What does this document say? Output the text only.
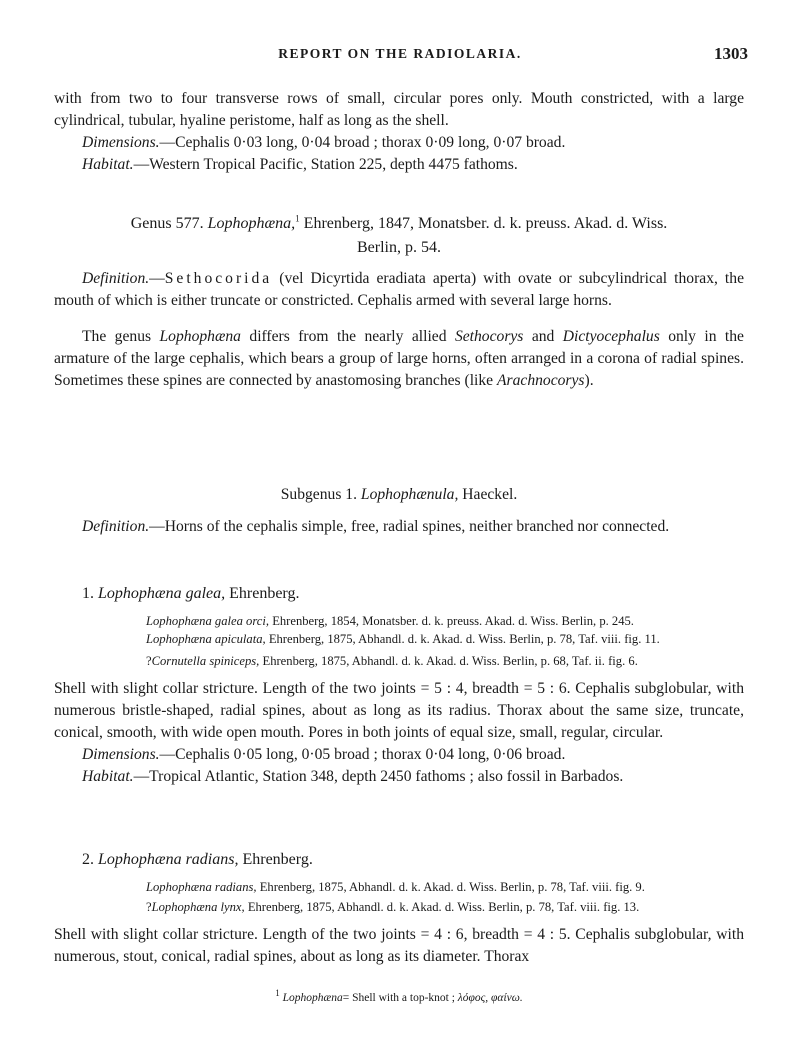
REPORT ON THE RADIOLARIA.	1303

with from two to four transverse rows of small, circular pores only. Mouth constricted, with a large cylindrical, tubular, hyaline peristome, half as long as the shell.

Dimensions.—Cephalis 0·03 long, 0·04 broad ; thorax 0·09 long, 0·07 broad.

Habitat.—Western Tropical Pacific, Station 225, depth 4475 fathoms.

Genus 577. Lophophæna,$^1$ Ehrenberg, 1847, Monatsber. d. k. preuss. Akad. d. Wiss.
Berlin, p. 54.

Definition.—Sethocorida (vel Dicyrtida eradiata aperta) with ovate or subcylindrical thorax, the mouth of which is either truncate or constricted. Cephalis armed with several large horns.

The genus Lophophæna differs from the nearly allied Sethocorys and Dictyocephalus only in the armature of the large cephalis, which bears a group of large horns, often arranged in a corona of radial spines. Sometimes these spines are connected by anastomosing branches (like Arachnocorys).

Subgenus 1. Lophophænula, Haeckel.

Definition.—Horns of the cephalis simple, free, radial spines, neither branched nor connected.

1. Lophophæna galea, Ehrenberg.

Lophophæna galea orci, Ehrenberg, 1854, Monatsber. d. k. preuss. Akad. d. Wiss. Berlin, p. 245.

Lophophæna apiculata, Ehrenberg, 1875, Abhandl. d. k. Akad. d. Wiss. Berlin, p. 78, Taf. viii. fig. 11.

?Cornutella spiniceps, Ehrenberg, 1875, Abhandl. d. k. Akad. d. Wiss. Berlin, p. 68, Taf. ii. fig. 6.

Shell with slight collar stricture. Length of the two joints = 5 : 4, breadth = 5 : 6. Cephalis subglobular, with numerous bristle-shaped, radial spines, about as long as its radius. Thorax about the same size, truncate, conical, smooth, with wide open mouth. Pores in both joints of equal size, small, regular, circular.

Dimensions.—Cephalis 0·05 long, 0·05 broad ; thorax 0·04 long, 0·06 broad.

Habitat.—Tropical Atlantic, Station 348, depth 2450 fathoms ; also fossil in Barbados.

2. Lophophæna radians, Ehrenberg.

Lophophæna radians, Ehrenberg, 1875, Abhandl. d. k. Akad. d. Wiss. Berlin, p. 78, Taf. viii. fig. 9.

?Lophophæna lynx, Ehrenberg, 1875, Abhandl. d. k. Akad. d. Wiss. Berlin, p. 78, Taf. viii. fig. 13.

Shell with slight collar stricture. Length of the two joints = 4 : 6, breadth = 4 : 5. Cephalis subglobular, with numerous, stout, conical, radial spines, about as long as its diameter. Thorax

$^1$ Lophophæna= Shell with a top-knot ; λόφος, φαίνω.
